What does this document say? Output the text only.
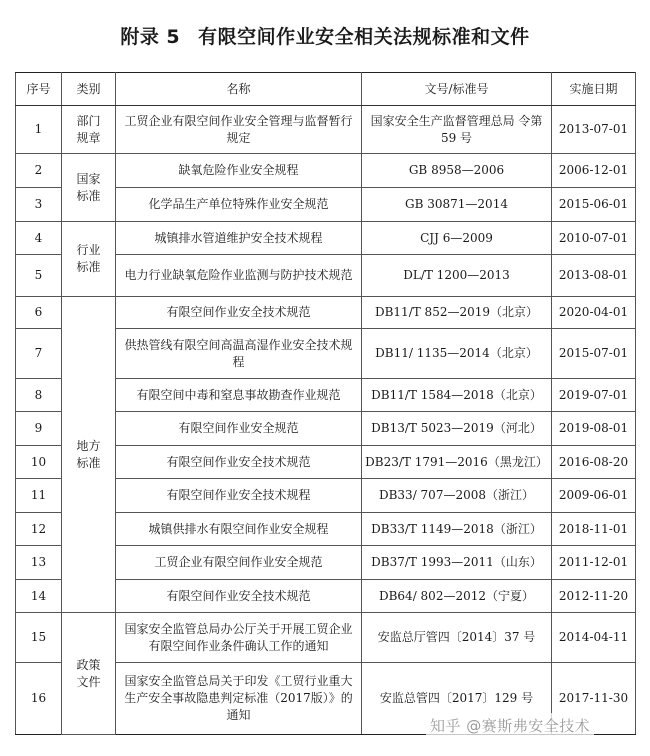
附录 5 有限空间作业安全相关法规标准和文件
序号	类别	名称	文号/标准号	实施日期
1	部门规章	工贸企业有限空间作业安全管理与监督暂行规定	国家安全生产监督管理总局 令第 59 号	2013-07-01
2	国家标准	缺氧危险作业安全规程	GB 8958—2006	2006-12-01
3		化学品生产单位特殊作业安全规范	GB 30871—2014	2015-06-01
4	行业标准	城镇排水管道维护安全技术规程	CJJ 6—2009	2010-07-01
5		电力行业缺氧危险作业监测与防护技术规范	DL/T 1200—2013	2013-08-01
6	地方标准	有限空间作业安全技术规范	DB11/T 852—2019（北京）	2020-04-01
7		供热管线有限空间高温高湿作业安全技术规程	DB11/ 1135—2014（北京）	2015-07-01
8		有限空间中毒和窒息事故勘查作业规范	DB11/T 1584—2018（北京）	2019-07-01
9		有限空间作业安全规范	DB13/T 5023—2019（河北）	2019-08-01
10		有限空间作业安全技术规范	DB23/T 1791—2016（黑龙江）	2016-08-20
11		有限空间作业安全技术规程	DB33/ 707—2008（浙江）	2009-06-01
12		城镇供排水有限空间作业安全规程	DB33/T 1149—2018（浙江）	2018-11-01
13		工贸企业有限空间作业安全规范	DB37/T 1993—2011（山东）	2011-12-01
14		有限空间作业安全技术规范	DB64/ 802—2012（宁夏）	2012-11-20
15	政策文件	国家安全监管总局办公厅关于开展工贸企业有限空间作业条件确认工作的通知	安监总厅管四〔2014〕37 号	2014-04-11
16		国家安全监管总局关于印发《工贸行业重大生产安全事故隐患判定标准（2017版）》的通知	安监总管四〔2017〕129 号	2017-11-30
知乎 @赛斯弗安全技术
